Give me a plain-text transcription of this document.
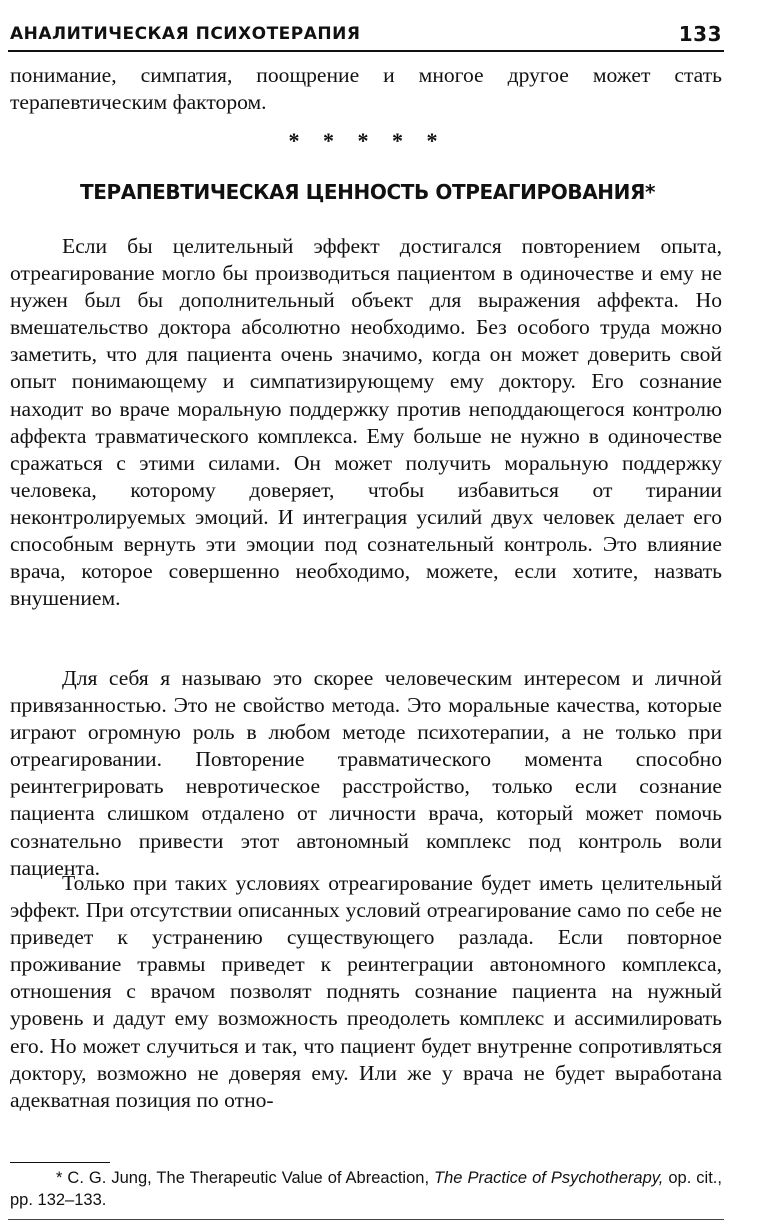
АНАЛИТИЧЕСКАЯ ПСИХОТЕРАПИЯ	133

понимание, симпатия, поощрение и многое другое может стать терапевтическим фактором.

* * * * *
ТЕРАПЕВТИЧЕСКАЯ ЦЕННОСТЬ ОТРЕАГИРОВАНИЯ*

Если бы целительный эффект достигался повторением опыта, отреагирование могло бы производиться пациентом в одиночестве и ему не нужен был бы дополнительный объект для выражения аффекта. Но вмешательство доктора абсолютно необходимо. Без особого труда можно заметить, что для пациента очень значимо, когда он может доверить свой опыт понимающему и симпатизирующему ему доктору. Его сознание находит во враче моральную поддержку против неподдающегося контролю аффекта травматического комплекса. Ему больше не нужно в одиночестве сражаться с этими силами. Он может получить моральную поддержку человека, которому доверяет, чтобы избавиться от тирании неконтролируемых эмоций. И интеграция усилий двух человек делает его способным вернуть эти эмоции под сознательный контроль. Это влияние врача, которое совершенно необходимо, можете, если хотите, назвать внушением.

Для себя я называю это скорее человеческим интересом и личной привязанностью. Это не свойство метода. Это моральные качества, которые играют огромную роль в любом методе психотерапии, а не только при отреагировании. Повторение травматического момента способно реинтегрировать невротическое расстройство, только если сознание пациента слишком отдалено от личности врача, который может помочь сознательно привести этот автономный комплекс под контроль воли пациента.

Только при таких условиях отреагирование будет иметь целительный эффект. При отсутствии описанных условий отреагирование само по себе не приведет к устранению существующего разлада. Если повторное проживание травмы приведет к реинтеграции автономного комплекса, отношения с врачом позволят поднять сознание пациента на нужный уровень и дадут ему возможность преодолеть комплекс и ассимилировать его. Но может случиться и так, что пациент будет внутренне сопротивляться доктору, возможно не доверяя ему. Или же у врача не будет выработана адекватная позиция по отно-

* C. G. Jung, The Therapeutic Value of Abreaction, The Practice of Psychotherapy, op. cit., pp. 132–133.
